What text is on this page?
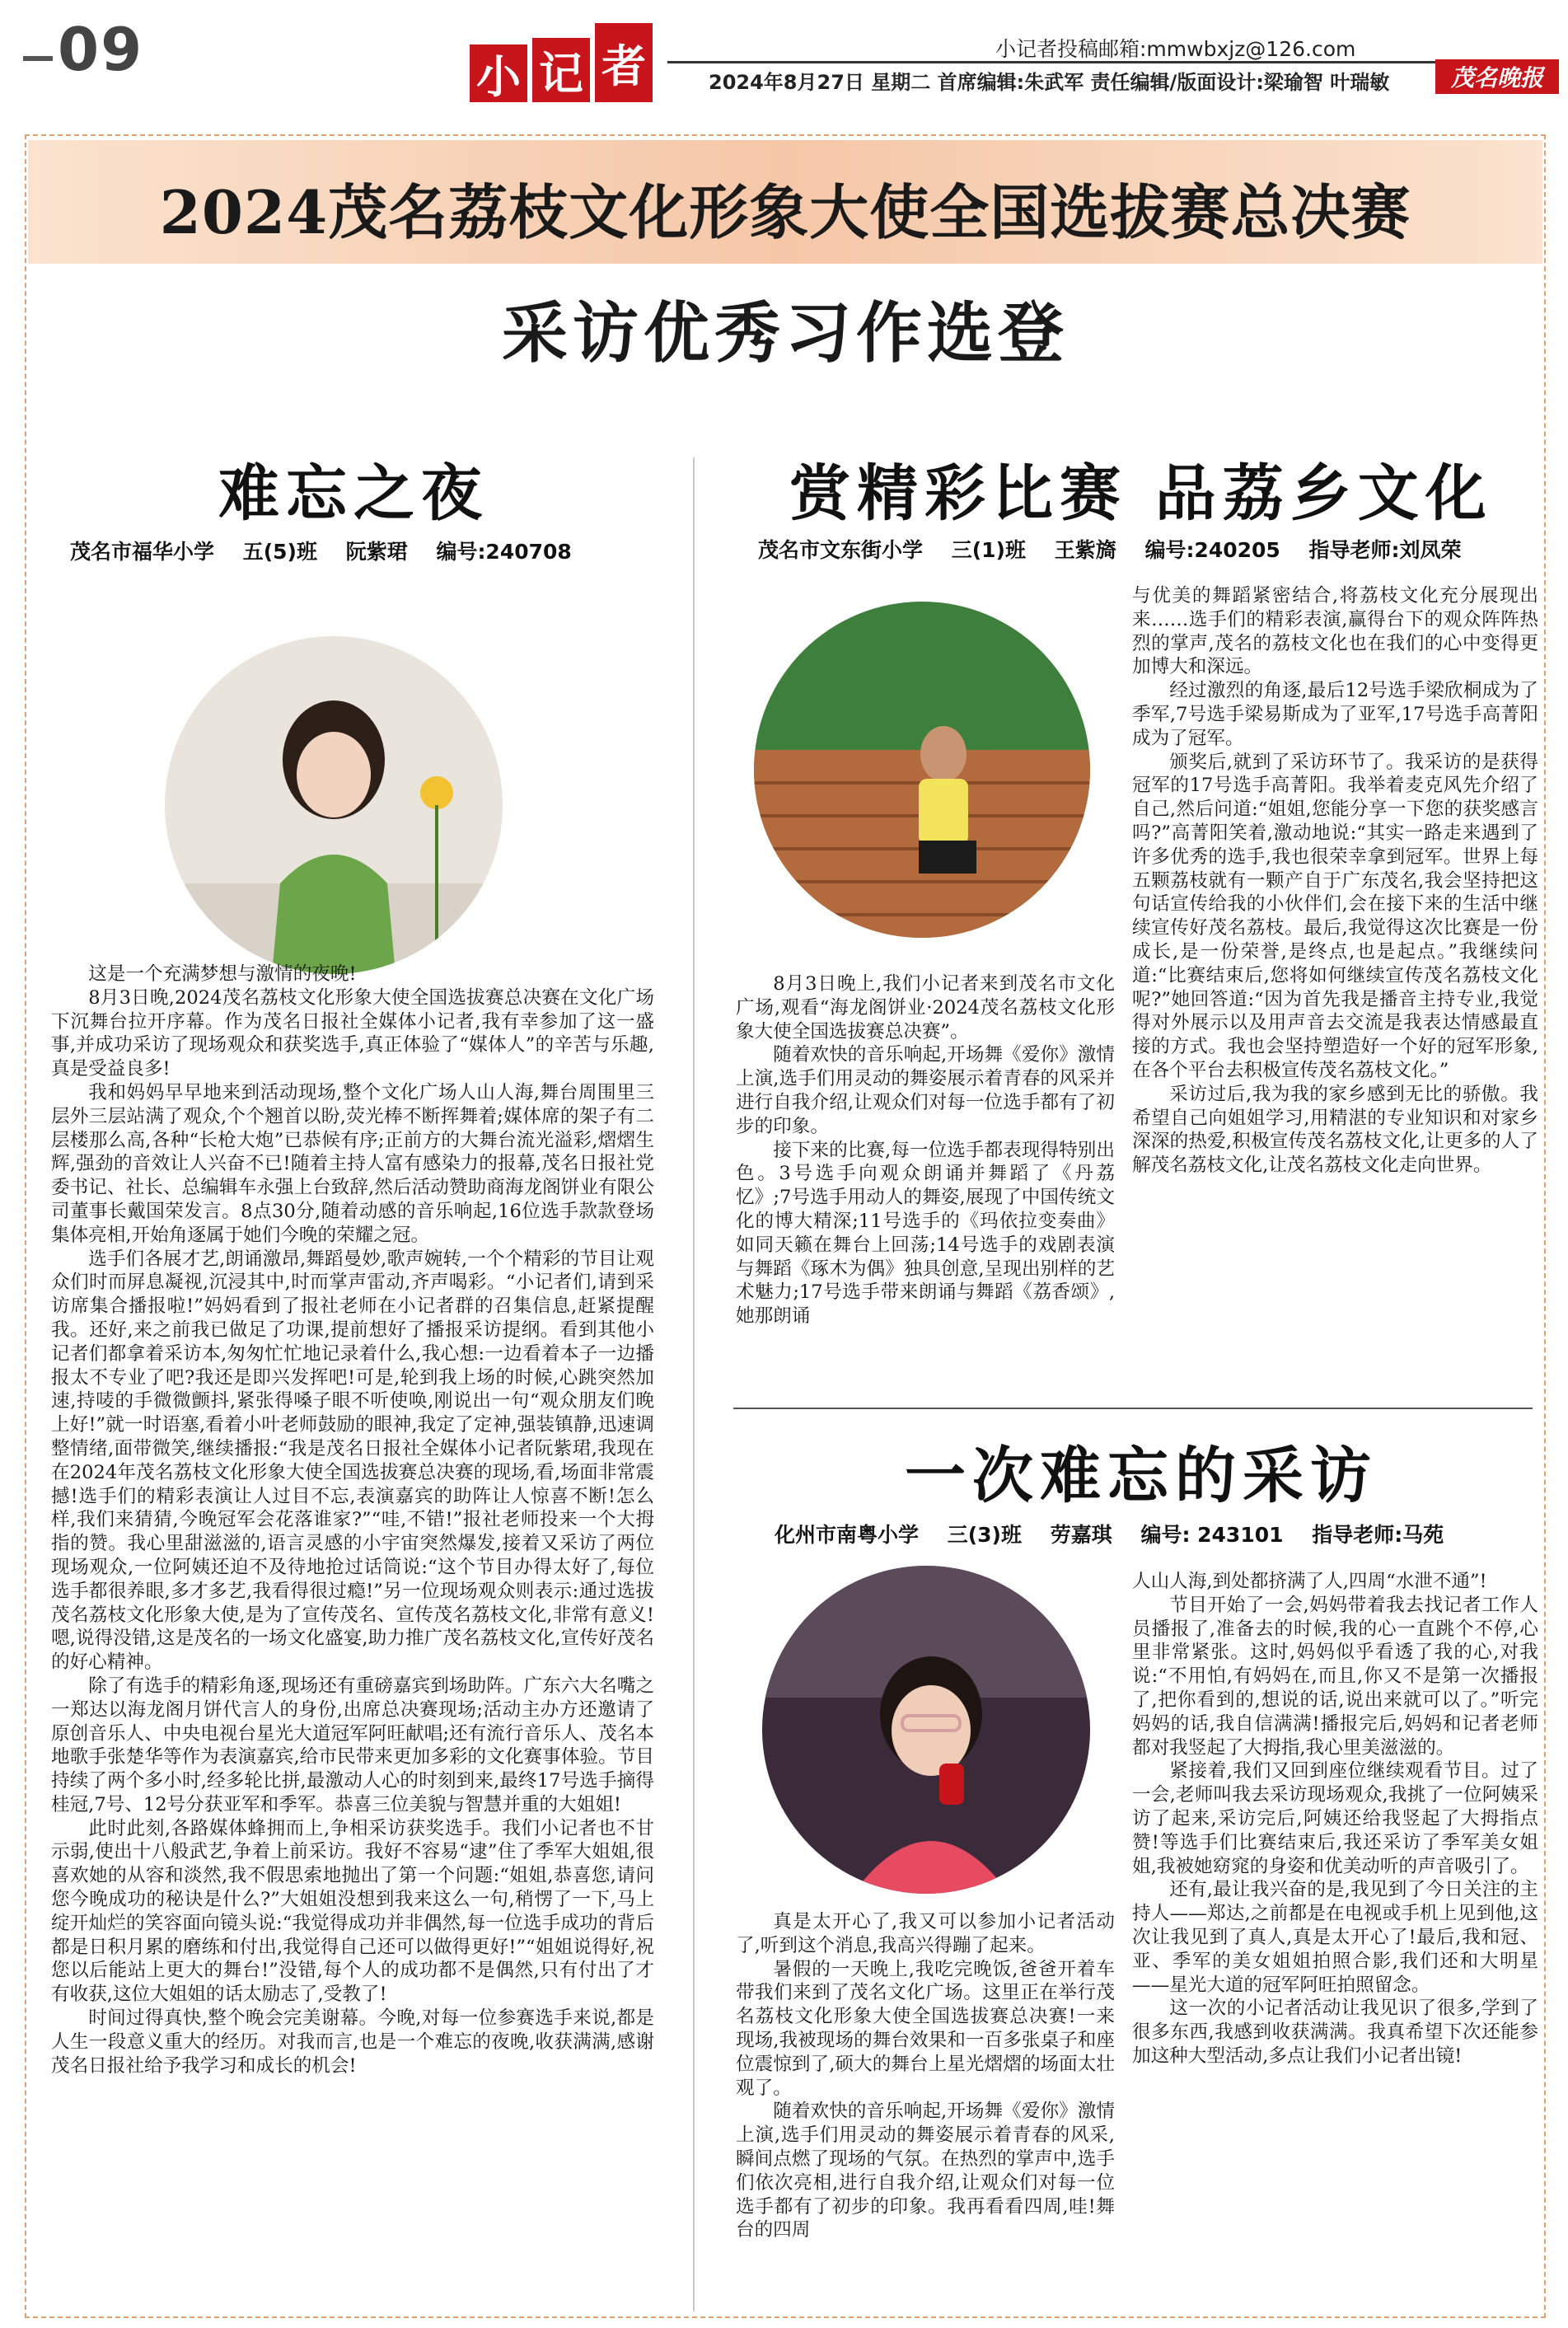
09	小 记 者	小记者投稿邮箱:mmwbxjz@126.com
2024年8月27日 星期二 首席编辑:朱武军 责任编辑/版面设计:梁瑜智 叶瑞敏	茂名晚报
2024茂名荔枝文化形象大使全国选拔赛总决赛
采访优秀习作选登
难忘之夜
茂名市福华小学 五(5)班 阮紫珺 编号:240708

这是一个充满梦想与激情的夜晚!

8月3日晚,2024茂名荔枝文化形象大使全国选拔赛总决赛在文化广场下沉舞台拉开序幕。作为茂名日报社全媒体小记者,我有幸参加了这一盛事,并成功采访了现场观众和获奖选手,真正体验了“媒体人”的辛苦与乐趣,真是受益良多!

我和妈妈早早地来到活动现场,整个文化广场人山人海,舞台周围里三层外三层站满了观众,个个翘首以盼,荧光棒不断挥舞着;媒体席的架子有二层楼那么高,各种“长枪大炮”已恭候有序;正前方的大舞台流光溢彩,熠熠生辉,强劲的音效让人兴奋不已!随着主持人富有感染力的报幕,茂名日报社党委书记、社长、总编辑车永强上台致辞,然后活动赞助商海龙阁饼业有限公司董事长戴国荣发言。8点30分,随着动感的音乐响起,16位选手款款登场集体亮相,开始角逐属于她们今晚的荣耀之冠。

选手们各展才艺,朗诵激昂,舞蹈曼妙,歌声婉转,一个个精彩的节目让观众们时而屏息凝视,沉浸其中,时而掌声雷动,齐声喝彩。“小记者们,请到采访席集合播报啦!”妈妈看到了报社老师在小记者群的召集信息,赶紧提醒我。还好,来之前我已做足了功课,提前想好了播报采访提纲。看到其他小记者们都拿着采访本,匆匆忙忙地记录着什么,我心想:一边看着本子一边播报太不专业了吧?我还是即兴发挥吧!可是,轮到我上场的时候,心跳突然加速,持唛的手微微颤抖,紧张得嗓子眼不听使唤,刚说出一句“观众朋友们晚上好!”就一时语塞,看着小叶老师鼓励的眼神,我定了定神,强装镇静,迅速调整情绪,面带微笑,继续播报:“我是茂名日报社全媒体小记者阮紫珺,我现在在2024年茂名荔枝文化形象大使全国选拔赛总决赛的现场,看,场面非常震撼!选手们的精彩表演让人过目不忘,表演嘉宾的助阵让人惊喜不断!怎么样,我们来猜猜,今晚冠军会花落谁家?”“哇,不错!”报社老师投来一个大拇指的赞。我心里甜滋滋的,语言灵感的小宇宙突然爆发,接着又采访了两位现场观众,一位阿姨还迫不及待地抢过话筒说:“这个节目办得太好了,每位选手都很养眼,多才多艺,我看得很过瘾!”另一位现场观众则表示:通过选拔茂名荔枝文化形象大使,是为了宣传茂名、宣传茂名荔枝文化,非常有意义!嗯,说得没错,这是茂名的一场文化盛宴,助力推广茂名荔枝文化,宣传好茂名的好心精神。

除了有选手的精彩角逐,现场还有重磅嘉宾到场助阵。广东六大名嘴之一郑达以海龙阁月饼代言人的身份,出席总决赛现场;活动主办方还邀请了原创音乐人、中央电视台星光大道冠军阿旺献唱;还有流行音乐人、茂名本地歌手张楚华等作为表演嘉宾,给市民带来更加多彩的文化赛事体验。节目持续了两个多小时,经多轮比拼,最激动人心的时刻到来,最终17号选手摘得桂冠,7号、12号分获亚军和季军。恭喜三位美貌与智慧并重的大姐姐!

此时此刻,各路媒体蜂拥而上,争相采访获奖选手。我们小记者也不甘示弱,使出十八般武艺,争着上前采访。我好不容易“逮”住了季军大姐姐,很喜欢她的从容和淡然,我不假思索地抛出了第一个问题:“姐姐,恭喜您,请问您今晚成功的秘诀是什么?”大姐姐没想到我来这么一句,稍愣了一下,马上绽开灿烂的笑容面向镜头说:“我觉得成功并非偶然,每一位选手成功的背后都是日积月累的磨练和付出,我觉得自己还可以做得更好!”“姐姐说得好,祝您以后能站上更大的舞台!”没错,每个人的成功都不是偶然,只有付出了才有收获,这位大姐姐的话太励志了,受教了!

时间过得真快,整个晚会完美谢幕。今晚,对每一位参赛选手来说,都是人生一段意义重大的经历。对我而言,也是一个难忘的夜晚,收获满满,感谢茂名日报社给予我学习和成长的机会!

赏精彩比赛 品荔乡文化
茂名市文东街小学 三(1)班 王紫旖 编号:240205 指导老师:刘凤荣

8月3日晚上,我们小记者来到茂名市文化广场,观看“海龙阁饼业·2024茂名荔枝文化形象大使全国选拔赛总决赛”。

随着欢快的音乐响起,开场舞《爱你》激情上演,选手们用灵动的舞姿展示着青春的风采并进行自我介绍,让观众们对每一位选手都有了初步的印象。

接下来的比赛,每一位选手都表现得特别出色。3号选手向观众朗诵并舞蹈了《丹荔忆》;7号选手用动人的舞姿,展现了中国传统文化的博大精深;11号选手的《玛依拉变奏曲》如同天籁在舞台上回荡;14号选手的戏剧表演与舞蹈《琢木为偶》独具创意,呈现出别样的艺术魅力;17号选手带来朗诵与舞蹈《荔香颂》,她那朗诵

与优美的舞蹈紧密结合,将荔枝文化充分展现出来……选手们的精彩表演,赢得台下的观众阵阵热烈的掌声,茂名的荔枝文化也在我们的心中变得更加博大和深远。

经过激烈的角逐,最后12号选手梁欣桐成为了季军,7号选手梁易斯成为了亚军,17号选手高菁阳成为了冠军。

颁奖后,就到了采访环节了。我采访的是获得冠军的17号选手高菁阳。我举着麦克风先介绍了自己,然后问道:“姐姐,您能分享一下您的获奖感言吗?”高菁阳笑着,激动地说:“其实一路走来遇到了许多优秀的选手,我也很荣幸拿到冠军。世界上每五颗荔枝就有一颗产自于广东茂名,我会坚持把这句话宣传给我的小伙伴们,会在接下来的生活中继续宣传好茂名荔枝。最后,我觉得这次比赛是一份成长,是一份荣誉,是终点,也是起点。”我继续问道:“比赛结束后,您将如何继续宣传茂名荔枝文化呢?”她回答道:“因为首先我是播音主持专业,我觉得对外展示以及用声音去交流是我表达情感最直接的方式。我也会坚持塑造好一个好的冠军形象,在各个平台去积极宣传茂名荔枝文化。”

采访过后,我为我的家乡感到无比的骄傲。我希望自己向姐姐学习,用精湛的专业知识和对家乡深深的热爱,积极宣传茂名荔枝文化,让更多的人了解茂名荔枝文化,让茂名荔枝文化走向世界。

一次难忘的采访
化州市南粤小学 三(3)班 劳嘉琪 编号: 243101 指导老师:马苑

真是太开心了,我又可以参加小记者活动了,听到这个消息,我高兴得蹦了起来。

暑假的一天晚上,我吃完晚饭,爸爸开着车带我们来到了茂名文化广场。这里正在举行茂名荔枝文化形象大使全国选拔赛总决赛!一来现场,我被现场的舞台效果和一百多张桌子和座位震惊到了,硕大的舞台上星光熠熠的场面太壮观了。

随着欢快的音乐响起,开场舞《爱你》激情上演,选手们用灵动的舞姿展示着青春的风采,瞬间点燃了现场的气氛。在热烈的掌声中,选手们依次亮相,进行自我介绍,让观众们对每一位选手都有了初步的印象。我再看看四周,哇!舞台的四周

人山人海,到处都挤满了人,四周“水泄不通”!

节目开始了一会,妈妈带着我去找记者工作人员播报了,准备去的时候,我的心一直跳个不停,心里非常紧张。这时,妈妈似乎看透了我的心,对我说:“不用怕,有妈妈在,而且,你又不是第一次播报了,把你看到的,想说的话,说出来就可以了。”听完妈妈的话,我自信满满!播报完后,妈妈和记者老师都对我竖起了大拇指,我心里美滋滋的。

紧接着,我们又回到座位继续观看节目。过了一会,老师叫我去采访现场观众,我挑了一位阿姨采访了起来,采访完后,阿姨还给我竖起了大拇指点赞!等选手们比赛结束后,我还采访了季军美女姐姐,我被她窈窕的身姿和优美动听的声音吸引了。

还有,最让我兴奋的是,我见到了今日关注的主持人——郑达,之前都是在电视或手机上见到他,这次让我见到了真人,真是太开心了!最后,我和冠、亚、季军的美女姐姐拍照合影,我们还和大明星——星光大道的冠军阿旺拍照留念。

这一次的小记者活动让我见识了很多,学到了很多东西,我感到收获满满。我真希望下次还能参加这种大型活动,多点让我们小记者出镜!
